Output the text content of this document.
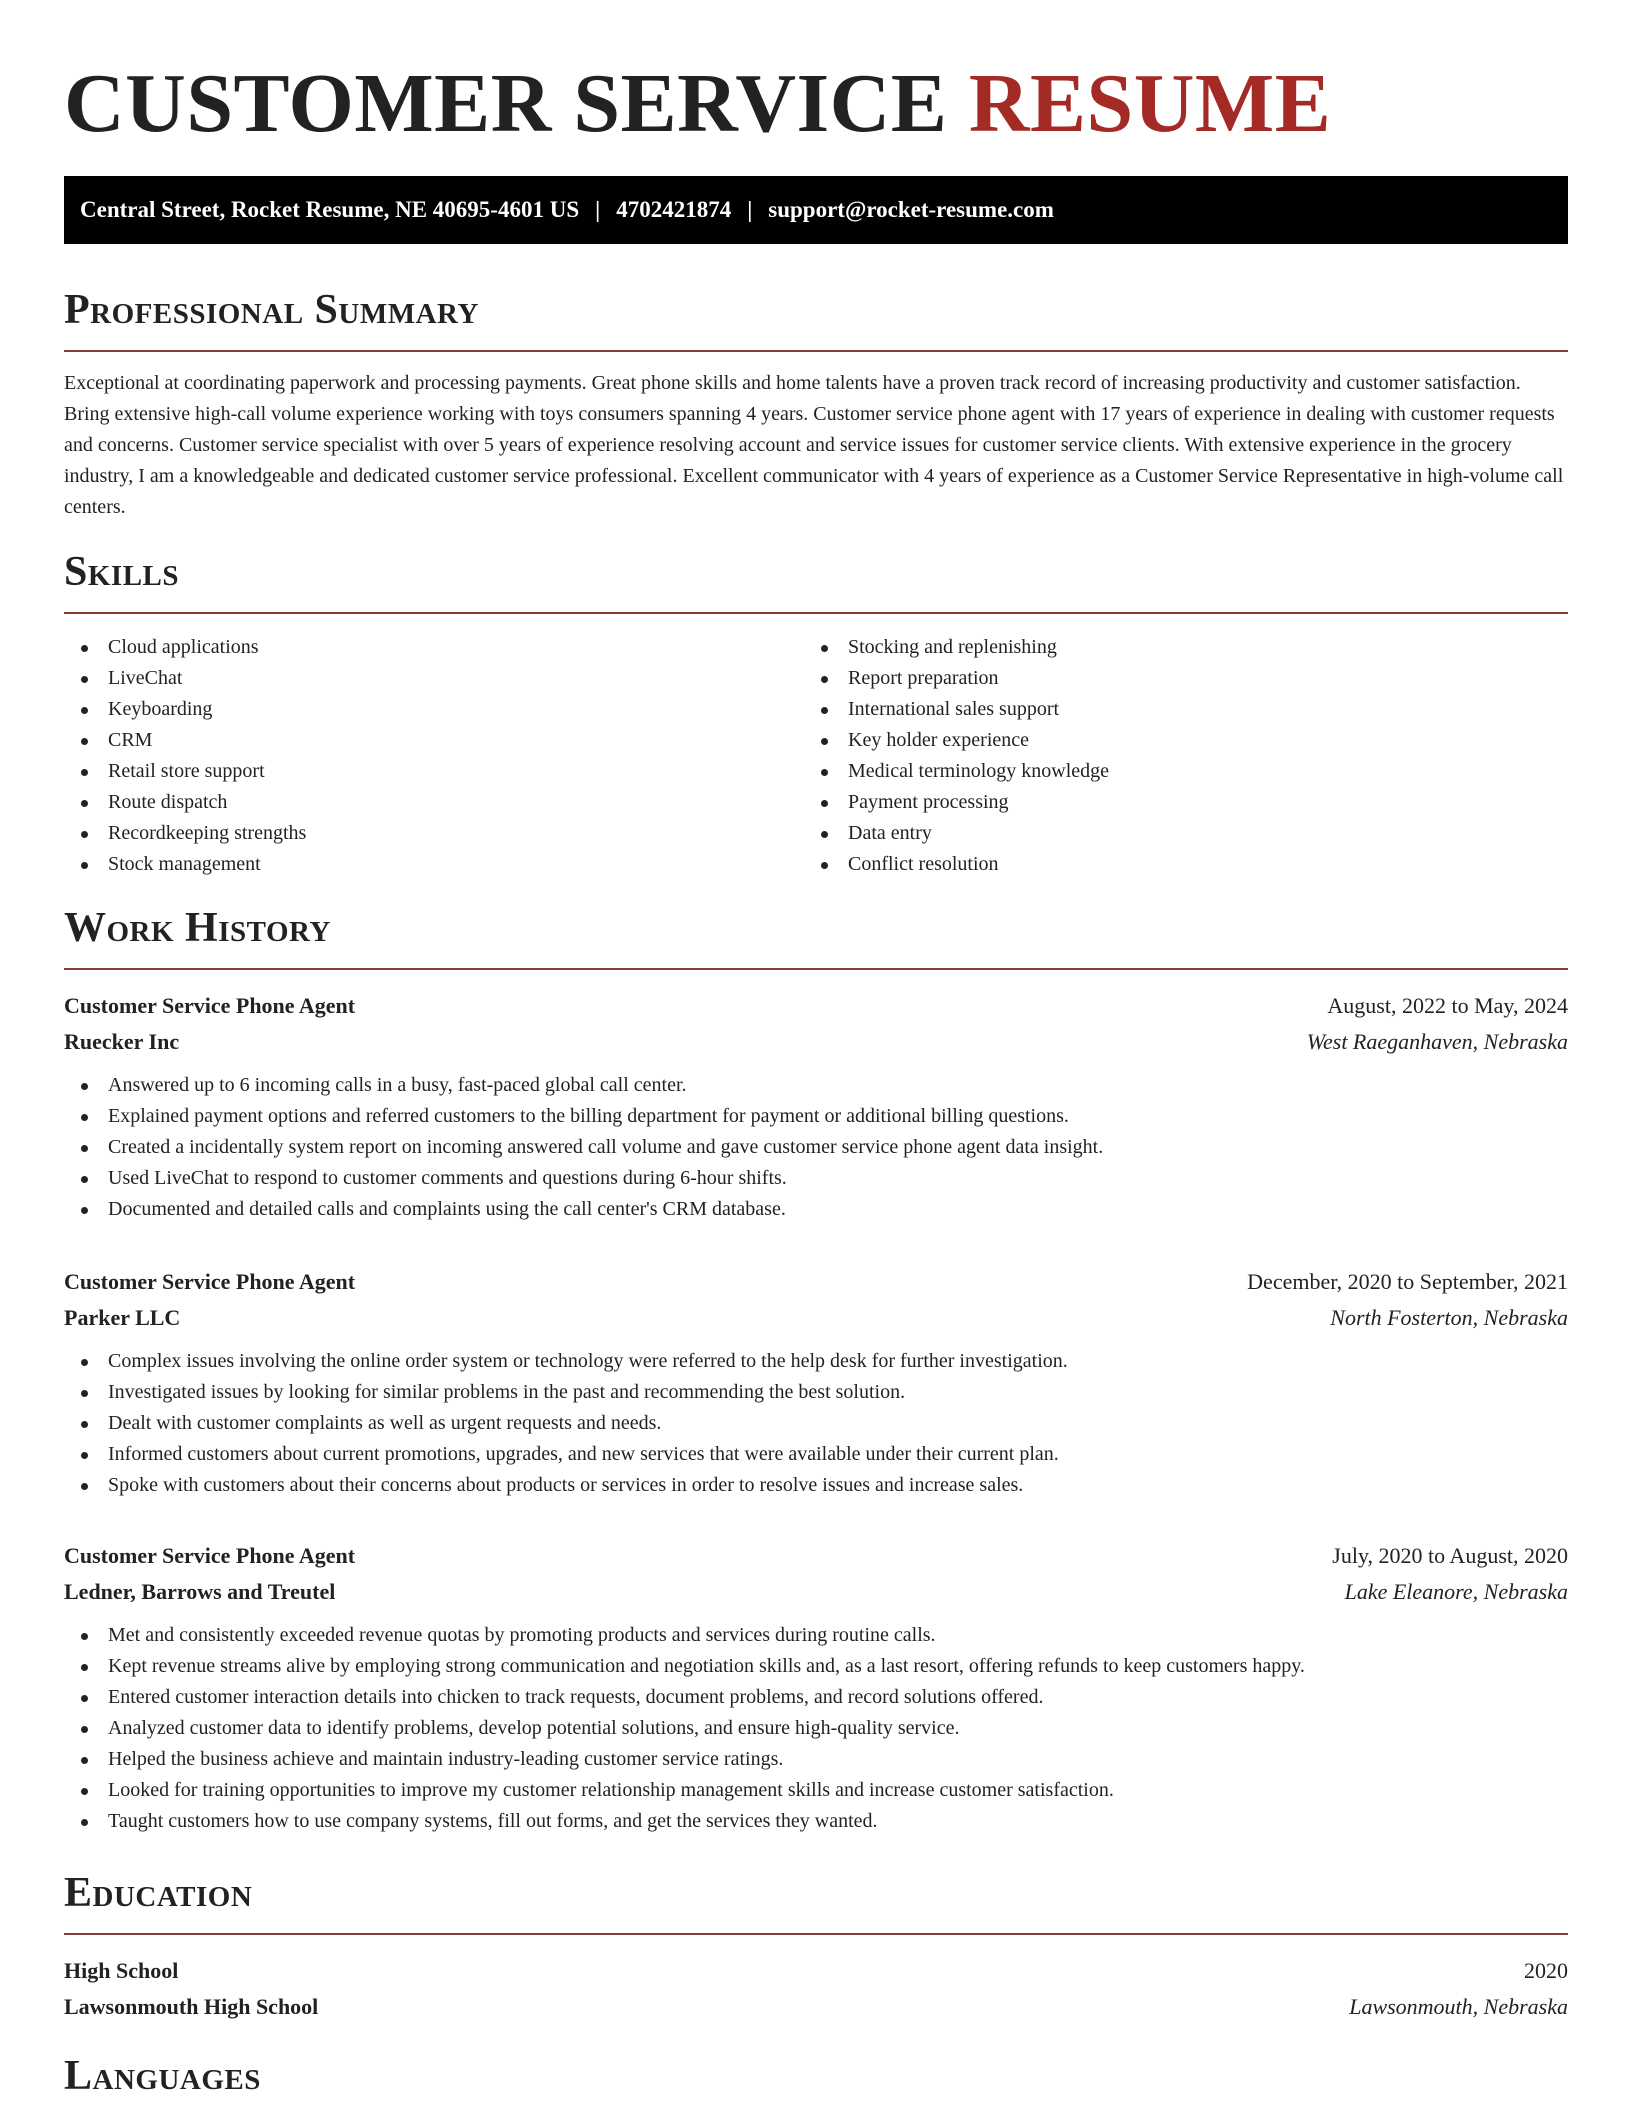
CUSTOMER SERVICE RESUME
Central Street, Rocket Resume, NE 40695-4601 US | 4702421874 | support@rocket-resume.com
Professional Summary

Exceptional at coordinating paperwork and processing payments. Great phone skills and home talents have a proven track record of increasing productivity and customer satisfaction. Bring extensive high-call volume experience working with toys consumers spanning 4 years. Customer service phone agent with 17 years of experience in dealing with customer requests and concerns. Customer service specialist with over 5 years of experience resolving account and service issues for customer service clients. With extensive experience in the grocery industry, I am a knowledgeable and dedicated customer service professional. Excellent communicator with 4 years of experience as a Customer Service Representative in high-volume call centers.

Skills
Cloud applications
LiveChat
Keyboarding
CRM
Retail store support
Route dispatch
Recordkeeping strengths
Stock management
Stocking and replenishing
Report preparation
International sales support
Key holder experience
Medical terminology knowledge
Payment processing
Data entry
Conflict resolution
Work History
Customer Service Phone Agent	August, 2022 to May, 2024
Ruecker Inc	West Raeganhaven, Nebraska
Answered up to 6 incoming calls in a busy, fast-paced global call center.
Explained payment options and referred customers to the billing department for payment or additional billing questions.
Created a incidentally system report on incoming answered call volume and gave customer service phone agent data insight.
Used LiveChat to respond to customer comments and questions during 6-hour shifts.
Documented and detailed calls and complaints using the call center's CRM database.
Customer Service Phone Agent	December, 2020 to September, 2021
Parker LLC	North Fosterton, Nebraska
Complex issues involving the online order system or technology were referred to the help desk for further investigation.
Investigated issues by looking for similar problems in the past and recommending the best solution.
Dealt with customer complaints as well as urgent requests and needs.
Informed customers about current promotions, upgrades, and new services that were available under their current plan.
Spoke with customers about their concerns about products or services in order to resolve issues and increase sales.
Customer Service Phone Agent	July, 2020 to August, 2020
Ledner, Barrows and Treutel	Lake Eleanore, Nebraska
Met and consistently exceeded revenue quotas by promoting products and services during routine calls.
Kept revenue streams alive by employing strong communication and negotiation skills and, as a last resort, offering refunds to keep customers happy.
Entered customer interaction details into chicken to track requests, document problems, and record solutions offered.
Analyzed customer data to identify problems, develop potential solutions, and ensure high-quality service.
Helped the business achieve and maintain industry-leading customer service ratings.
Looked for training opportunities to improve my customer relationship management skills and increase customer satisfaction.
Taught customers how to use company systems, fill out forms, and get the services they wanted.
Education
High School	2020
Lawsonmouth High School	Lawsonmouth, Nebraska
Languages
